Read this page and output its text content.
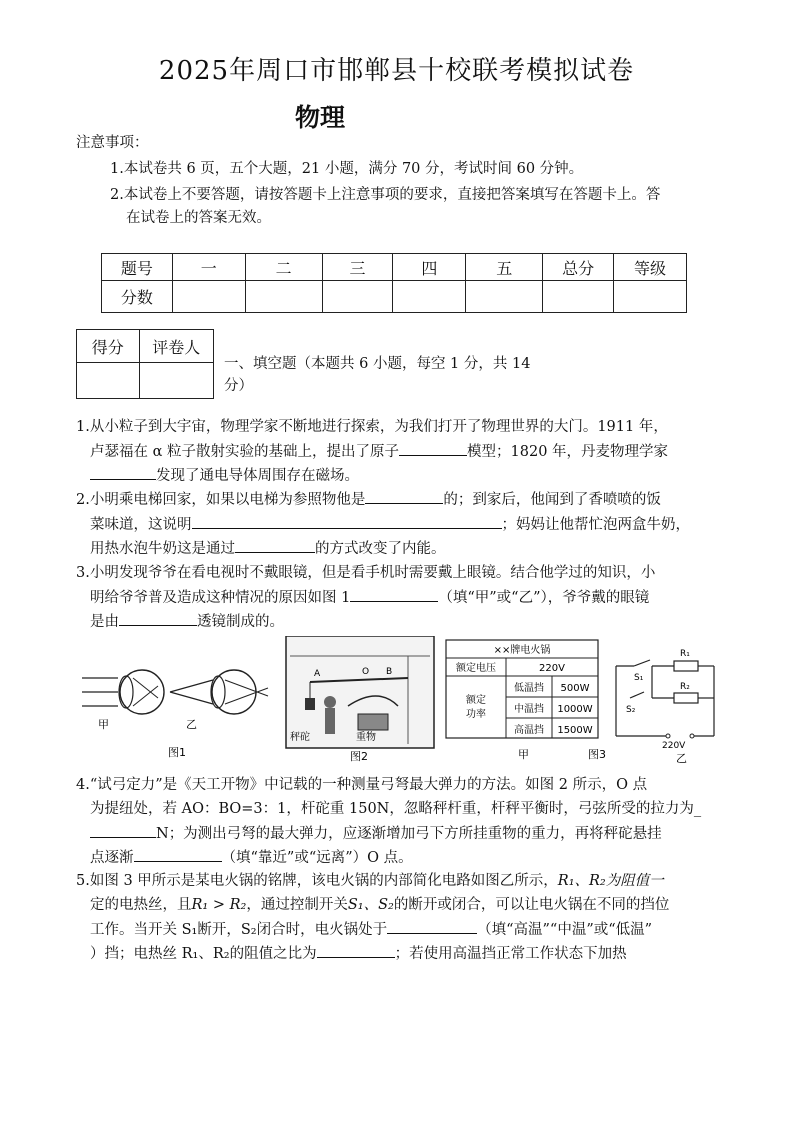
2025年周口市邯郸县十校联考模拟试卷
物理
注意事项：
1.本试卷共 6 页，五个大题，21 小题，满分 70 分，考试时间 60 分钟。
2.本试卷上不要答题，请按答题卡上注意事项的要求，直接把答案填写在答题卡上。答
在试卷上的答案无效。
题号	一	二	三	四	五	总分	等级
分数							
得分	评卷人

一、填空题（本题共 6 小题，每空 1 分，共 14
分）
1.从小粒子到大宇宙，物理学家不断地进行探索，为我们打开了物理世界的大门。1911 年，
卢瑟福在 α 粒子散射实验的基础上，提出了原子	模型；1820 年，丹麦物理学家
发现了通电导体周围存在磁场。
2.小明乘电梯回家，如果以电梯为参照物他是	的；到家后，他闻到了香喷喷的饭
菜味道，这说明	；妈妈让他帮忙泡两盒牛奶，
用热水泡牛奶这是通过	的方式改变了内能。
3.小明发现爷爷在看电视时不戴眼镜，但是看手机时需要戴上眼镜。结合他学过的知识，小
明给爷爷普及造成这种情况的原因如图 1	（填“甲”或“乙”），爷爷戴的眼镜
是由	透镜制成的。
甲	乙
图1
A	O B
秤砣	重物
图2
××牌电火锅
额定电压	220V
额定
功率
低温挡 500W
中温挡 1000W
高温挡 1500W
甲	图3
R₁
R₂
S₁
S₂
220V
乙
4.“试弓定力”是《天工开物》中记载的一种测量弓弩最大弹力的方法。如图 2 所示，O 点
为提纽处，若 AO：BO=3：1，杆砣重 150N，忽略秤杆重，杆秤平衡时，弓弦所受的拉力为_
N；为测出弓弩的最大弹力，应逐渐增加弓下方所挂重物的重力，再将秤砣悬挂
点逐渐	（填“靠近”或“远离”）O 点。
5.如图 3 甲所示是某电火锅的铭牌，该电火锅的内部简化电路如图乙所示，R₁、R₂为阻值一
定的电热丝，且R₁ > R₂，通过控制开关S₁、S₂的断开或闭合，可以让电火锅在不同的挡位
工作。当开关 S₁断开，S₂闭合时，电火锅处于	（填“高温”“中温”或“低温”
）挡；电热丝 R₁、R₂的阻值之比为	；若使用高温挡正常工作状态下加热
